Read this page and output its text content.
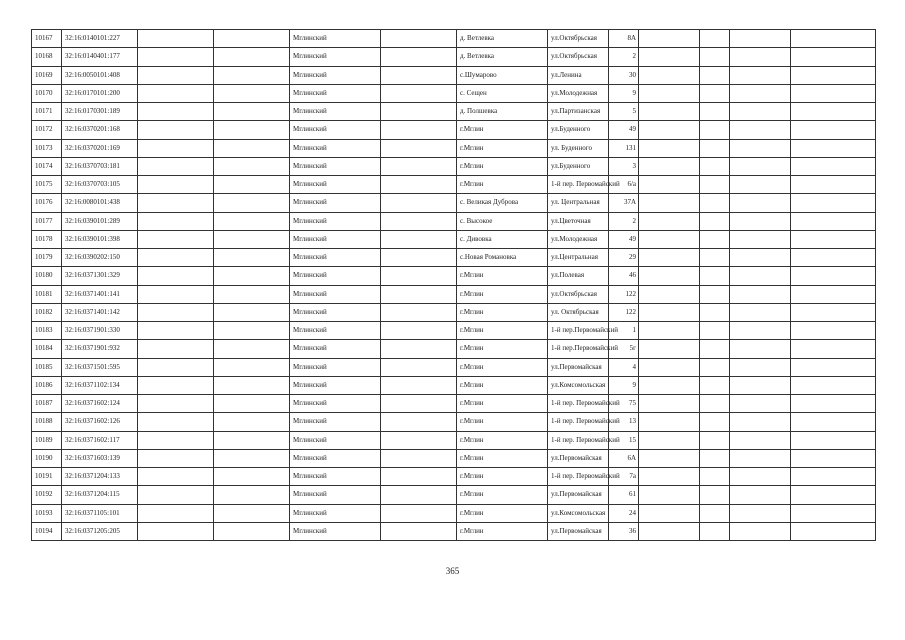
10167	32:16:0140101:227			Мглинский		д. Ветлевка	ул.Октябрьская	8А				
10168	32:16:0140401:177			Мглинский		д. Ветлевка	ул.Октябрьская	2				
10169	32:16:0050101:408			Мглинский		с.Шумарово	ул.Ленина	30				
10170	32:16:0170101:200			Мглинский		с. Сещен	ул.Молодежная	9				
10171	32:16:0170301:189			Мглинский		д. Полшевка	ул.Партизанская	5				
10172	32:16:0370201:168			Мглинский		г.Мглин	ул.Буденного	49				
10173	32:16:0370201:169			Мглинский		г.Мглин	ул. Буденного	131				
10174	32:16:0370703:181			Мглинский		г.Мглин	ул.Буденного	3				
10175	32:16:0370703:105			Мглинский		г.Мглин	1-й пер. Первомайский	6/а				
10176	32:16:0080101:438			Мглинский		с. Великая Дуброва	ул. Центральная	37А				
10177	32:16:0390101:289			Мглинский		с. Высокое	ул.Цветочная	2				
10178	32:16:0390101:398			Мглинский		с. Дивовка	ул.Молодежная	49				
10179	32:16:0390202:150			Мглинский		с.Новая Романовка	ул.Центральная	29				
10180	32:16:0371301:329			Мглинский		г.Мглин	ул.Полевая	46				
10181	32:16:0371401:141			Мглинский		г.Мглин	ул.Октябрьская	122				
10182	32:16:0371401:142			Мглинский		г.Мглин	ул. Октябрьская	122				
10183	32:16:0371901:330			Мглинский		г.Мглин	1-й пер.Первомайский	1				
10184	32:16:0371901:932			Мглинский		г.Мглин	1-й пер.Первомайский	5г				
10185	32:16:0371501:595			Мглинский		г.Мглин	ул.Первомайская	4				
10186	32:16:0371102:134			Мглинский		г.Мглин	ул.Комсомольская	9				
10187	32:16:0371602:124			Мглинский		г.Мглин	1-й пер. Первомайский	75				
10188	32:16:0371602:126			Мглинский		г.Мглин	1-й пер. Первомайский	13				
10189	32:16:0371602:117			Мглинский		г.Мглин	1-й пер. Первомайский	15				
10190	32:16:0371603:139			Мглинский		г.Мглин	ул.Первомайская	6А				
10191	32:16:0371204:133			Мглинский		г.Мглин	1-й пер. Первомайский	7а				
10192	32:16:0371204:115			Мглинский		г.Мглин	ул.Первомайская	61				
10193	32:16:0371105:101			Мглинский		г.Мглин	ул.Комсомольская	24				
10194	32:16:0371205:205			Мглинский		г.Мглин	ул.Первомайская	36				
365
